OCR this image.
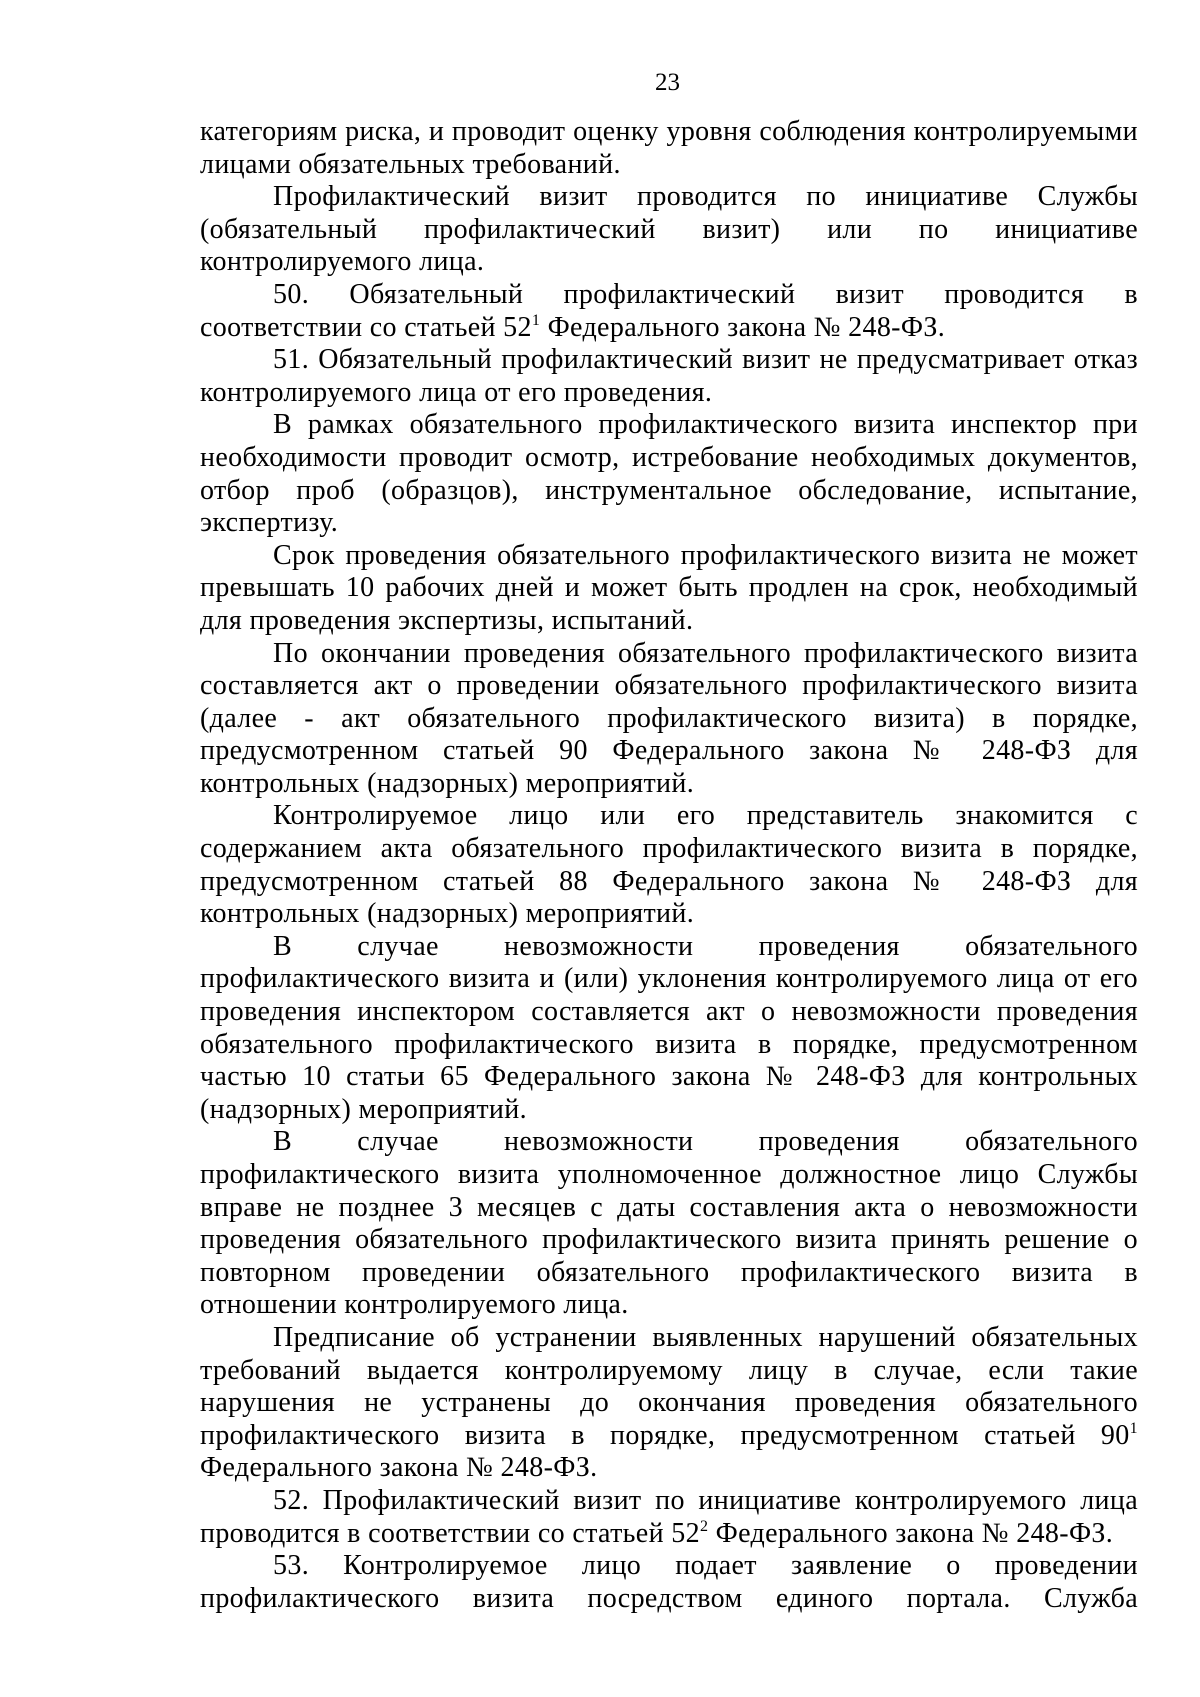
23

категориям риска, и проводит оценку уровня соблюдения контролируемыми лицами обязательных требований.

Профилактический визит проводится по инициативе Службы (обязательный профилактический визит) или по инициативе контролируемого лица.

50. Обязательный профилактический визит проводится в соответствии со статьей $52^1$ Федерального закона № 248-ФЗ.

51. Обязательный профилактический визит не предусматривает отказ контролируемого лица от его проведения.

В рамках обязательного профилактического визита инспектор при необходимости проводит осмотр, истребование необходимых документов, отбор проб (образцов), инструментальное обследование, испытание, экспертизу.

Срок проведения обязательного профилактического визита не может превышать 10 рабочих дней и может быть продлен на срок, необходимый для проведения экспертизы, испытаний.

По окончании проведения обязательного профилактического визита составляется акт о проведении обязательного профилактического визита (далее - акт обязательного профилактического визита) в порядке, предусмотренном статьей 90 Федерального закона № 248-ФЗ для контрольных (надзорных) мероприятий.

Контролируемое лицо или его представитель знакомится с содержанием акта обязательного профилактического визита в порядке, предусмотренном статьей 88 Федерального закона № 248-ФЗ для контрольных (надзорных) мероприятий.

В случае невозможности проведения обязательного профилактического визита и (или) уклонения контролируемого лица от его проведения инспектором составляется акт о невозможности проведения обязательного профилактического визита в порядке, предусмотренном частью 10 статьи 65 Федерального закона № 248-ФЗ для контрольных (надзорных) мероприятий.

В случае невозможности проведения обязательного профилактического визита уполномоченное должностное лицо Службы вправе не позднее 3 месяцев с даты составления акта о невозможности проведения обязательного профилактического визита принять решение о повторном проведении обязательного профилактического визита в отношении контролируемого лица.

Предписание об устранении выявленных нарушений обязательных требований выдается контролируемому лицу в случае, если такие нарушения не устранены до окончания проведения обязательного профилактического визита в порядке, предусмотренном статьей $90^1$ Федерального закона № 248-ФЗ.

52. Профилактический визит по инициативе контролируемого лица проводится в соответствии со статьей $52^2$ Федерального закона № 248-ФЗ.

53. Контролируемое лицо подает заявление о проведении профилактического визита посредством единого портала. Служба
